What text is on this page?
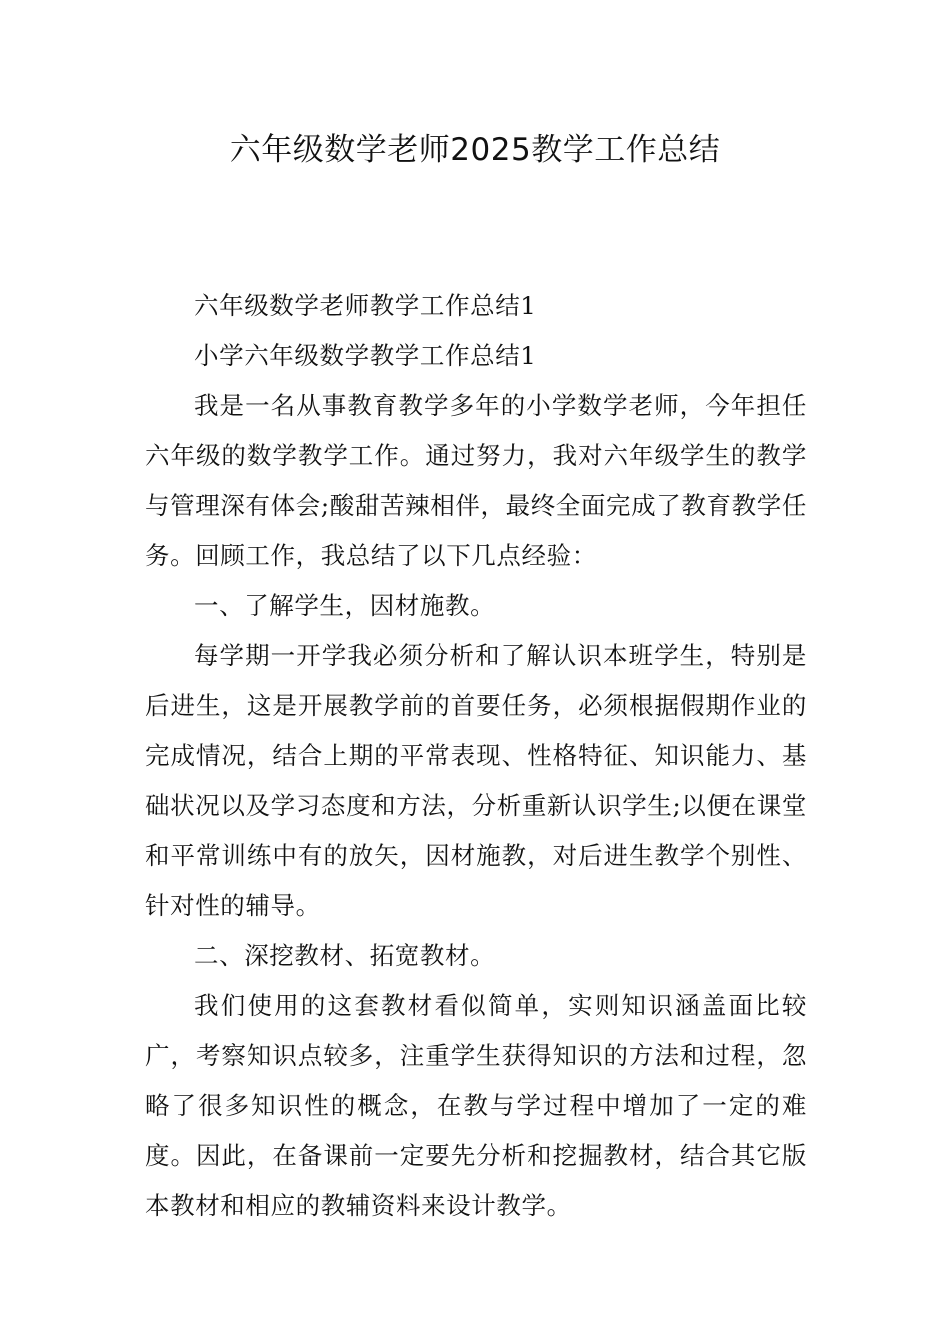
六年级数学老师2025教学工作总结

六年级数学老师教学工作总结1

小学六年级数学教学工作总结1

我是一名从事教育教学多年的小学数学老师，今年担任六年级的数学教学工作。通过努力，我对六年级学生的教学与管理深有体会;酸甜苦辣相伴，最终全面完成了教育教学任务。回顾工作，我总结了以下几点经验：

一、了解学生，因材施教。

每学期一开学我必须分析和了解认识本班学生，特别是后进生，这是开展教学前的首要任务，必须根据假期作业的完成情况，结合上期的平常表现、性格特征、知识能力、基础状况以及学习态度和方法，分析重新认识学生;以便在课堂和平常训练中有的放矢，因材施教，对后进生教学个别性、针对性的辅导。

二、深挖教材、拓宽教材。

我们使用的这套教材看似简单，实则知识涵盖面比较广，考察知识点较多，注重学生获得知识的方法和过程，忽略了很多知识性的概念，在教与学过程中增加了一定的难度。因此，在备课前一定要先分析和挖掘教材，结合其它版本教材和相应的教辅资料来设计教学。
